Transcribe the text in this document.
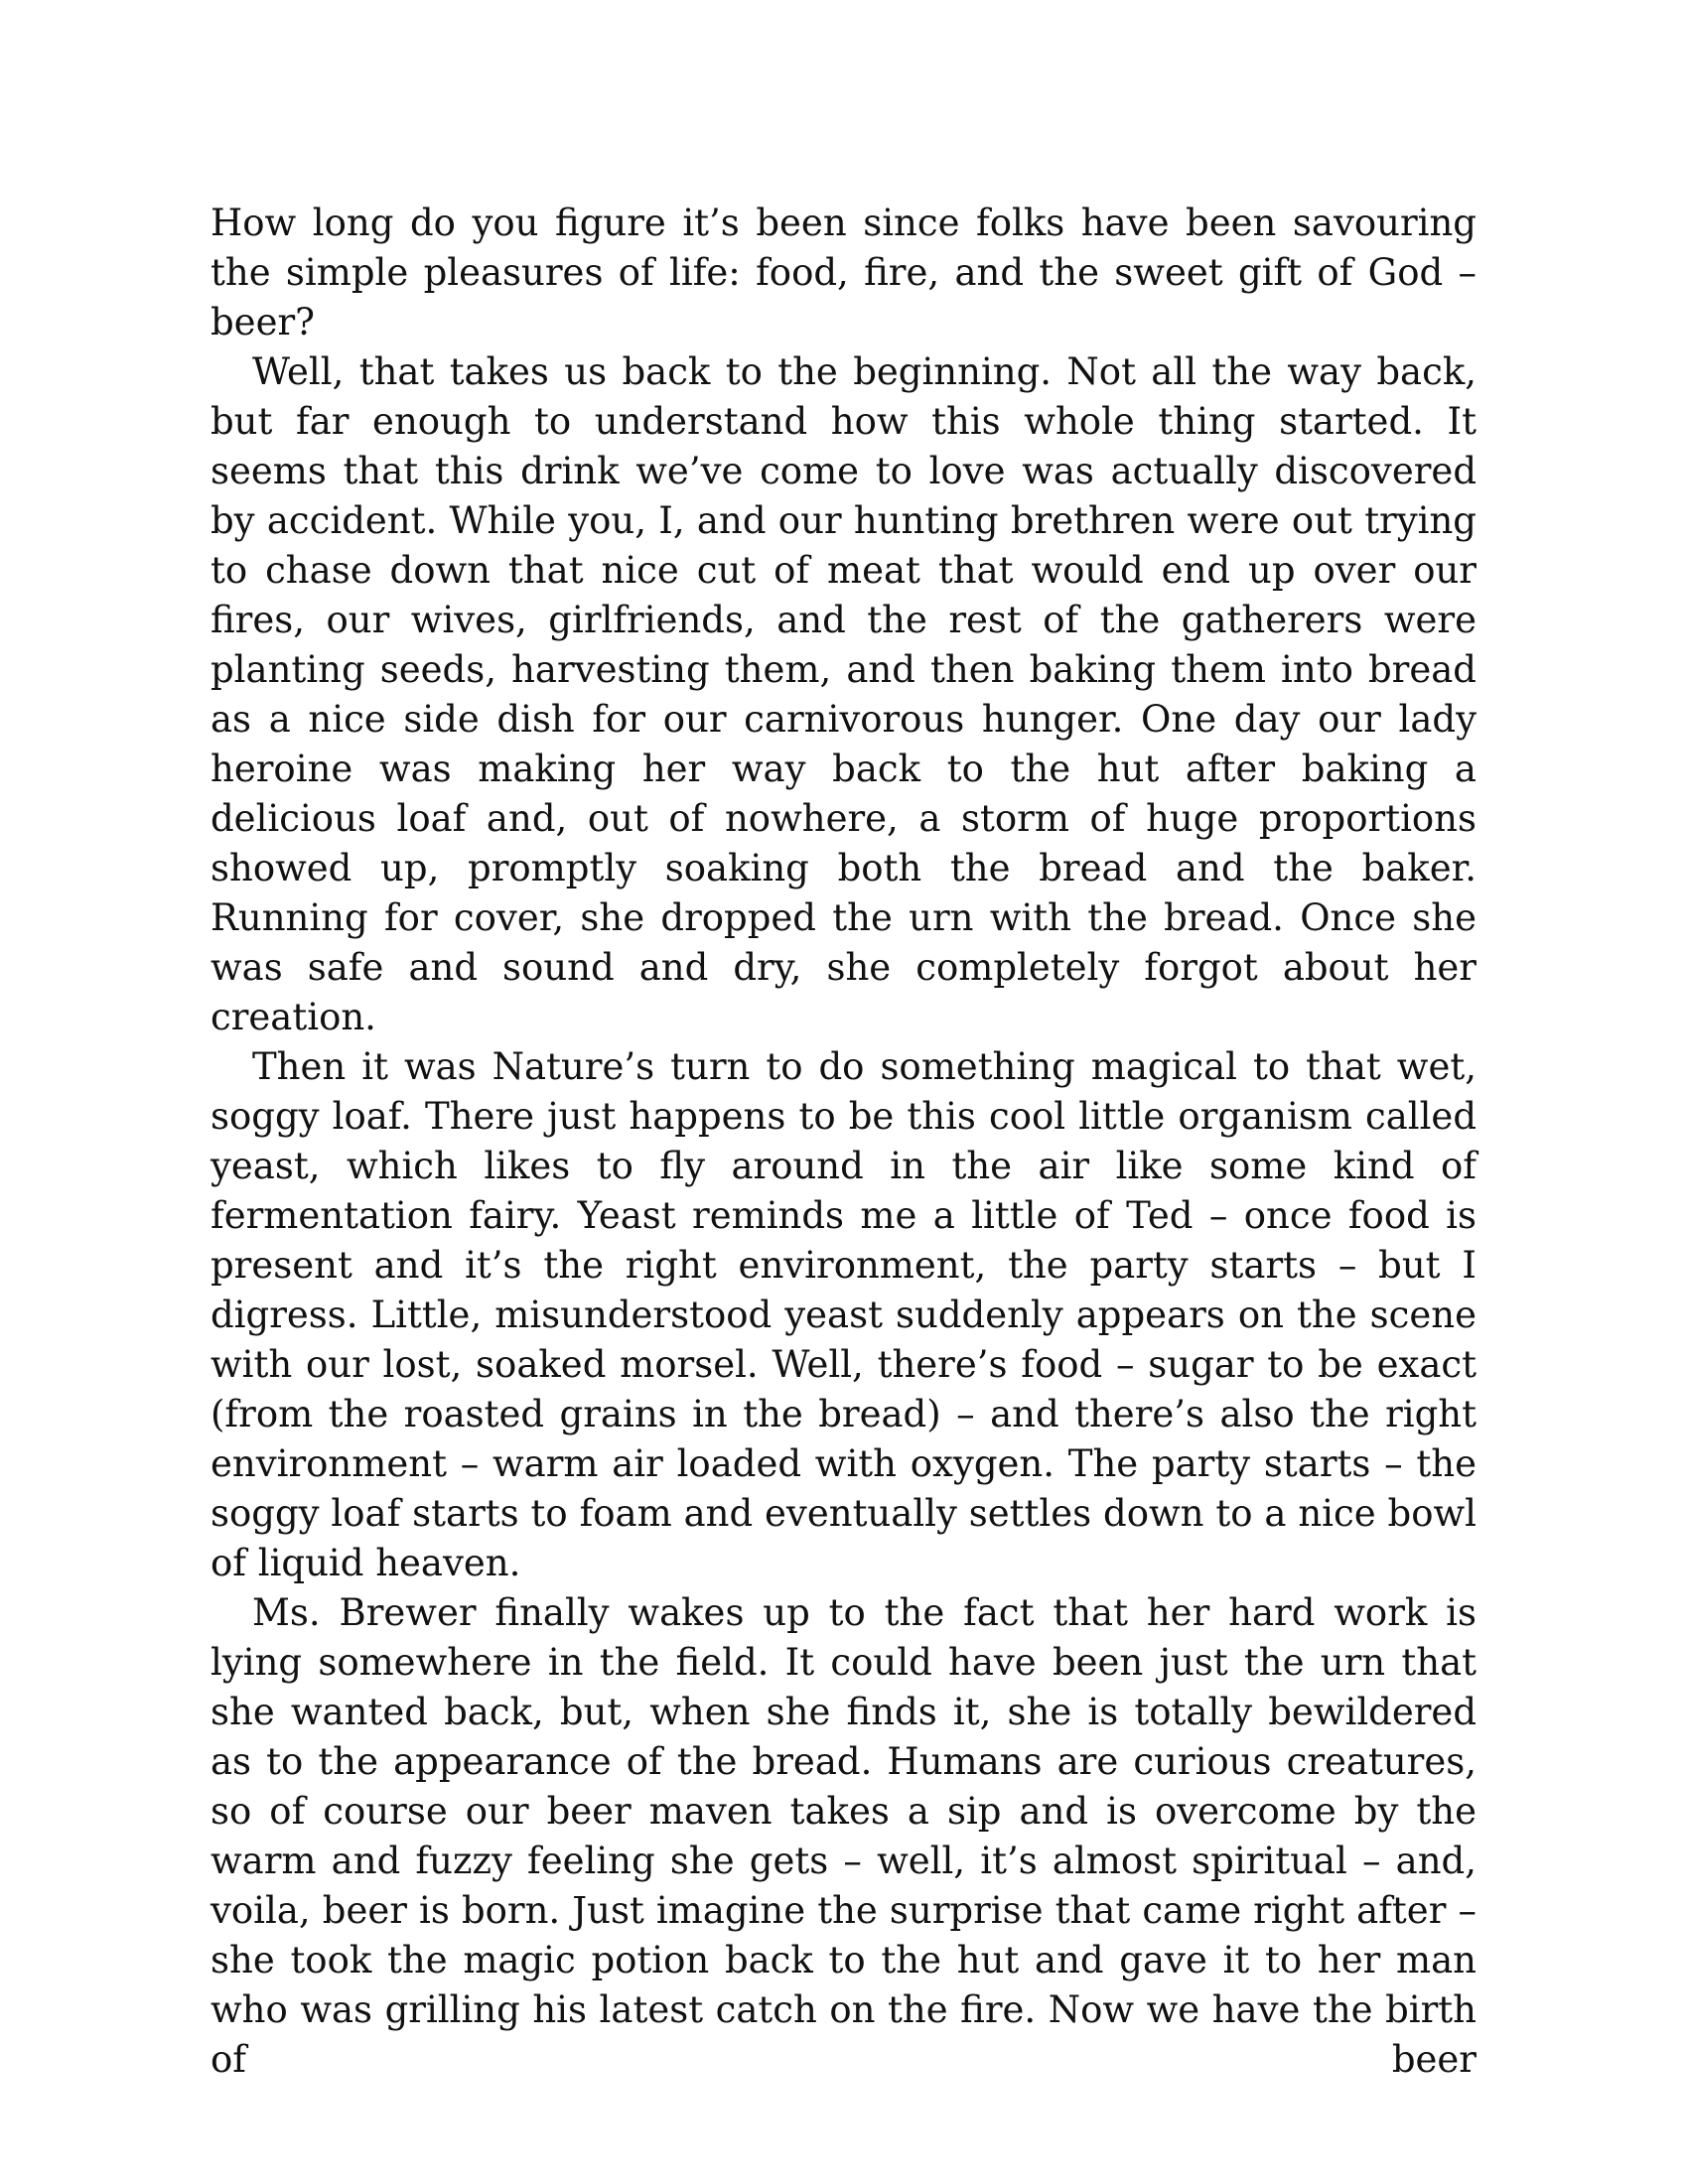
How long do you figure it’s been since folks have been savouring the simple pleasures of life: food, fire, and the sweet gift of God – beer?

Well, that takes us back to the beginning. Not all the way back, but far enough to understand how this whole thing started. It seems that this drink we’ve come to love was actually discovered by accident. While you, I, and our hunting brethren were out trying to chase down that nice cut of meat that would end up over our fires, our wives, girlfriends, and the rest of the gatherers were planting seeds, harvesting them, and then baking them into bread as a nice side dish for our carnivorous hunger. One day our lady heroine was making her way back to the hut after baking a delicious loaf and, out of nowhere, a storm of huge proportions showed up, promptly soaking both the bread and the baker. Running for cover, she dropped the urn with the bread. Once she was safe and sound and dry, she completely forgot about her creation.

Then it was Nature’s turn to do something magical to that wet, soggy loaf. There just happens to be this cool little organism called yeast, which likes to fly around in the air like some kind of fermentation fairy. Yeast reminds me a little of Ted – once food is present and it’s the right environment, the party starts – but I digress. Little, misunderstood yeast suddenly appears on the scene with our lost, soaked morsel. Well, there’s food – sugar to be exact (from the roasted grains in the bread) – and there’s also the right environment – warm air loaded with oxygen. The party starts – the soggy loaf starts to foam and eventually settles down to a nice bowl of liquid heaven.

Ms. Brewer finally wakes up to the fact that her hard work is lying somewhere in the field. It could have been just the urn that she wanted back, but, when she finds it, she is totally bewildered as to the appearance of the bread. Humans are curious creatures, so of course our beer maven takes a sip and is overcome by the warm and fuzzy feeling she gets – well, it’s almost spiritual – and, voila, beer is born. Just imagine the surprise that came right after – she took the magic potion back to the hut and gave it to her man who was grilling his latest catch on the fire. Now we have the birth of beer
